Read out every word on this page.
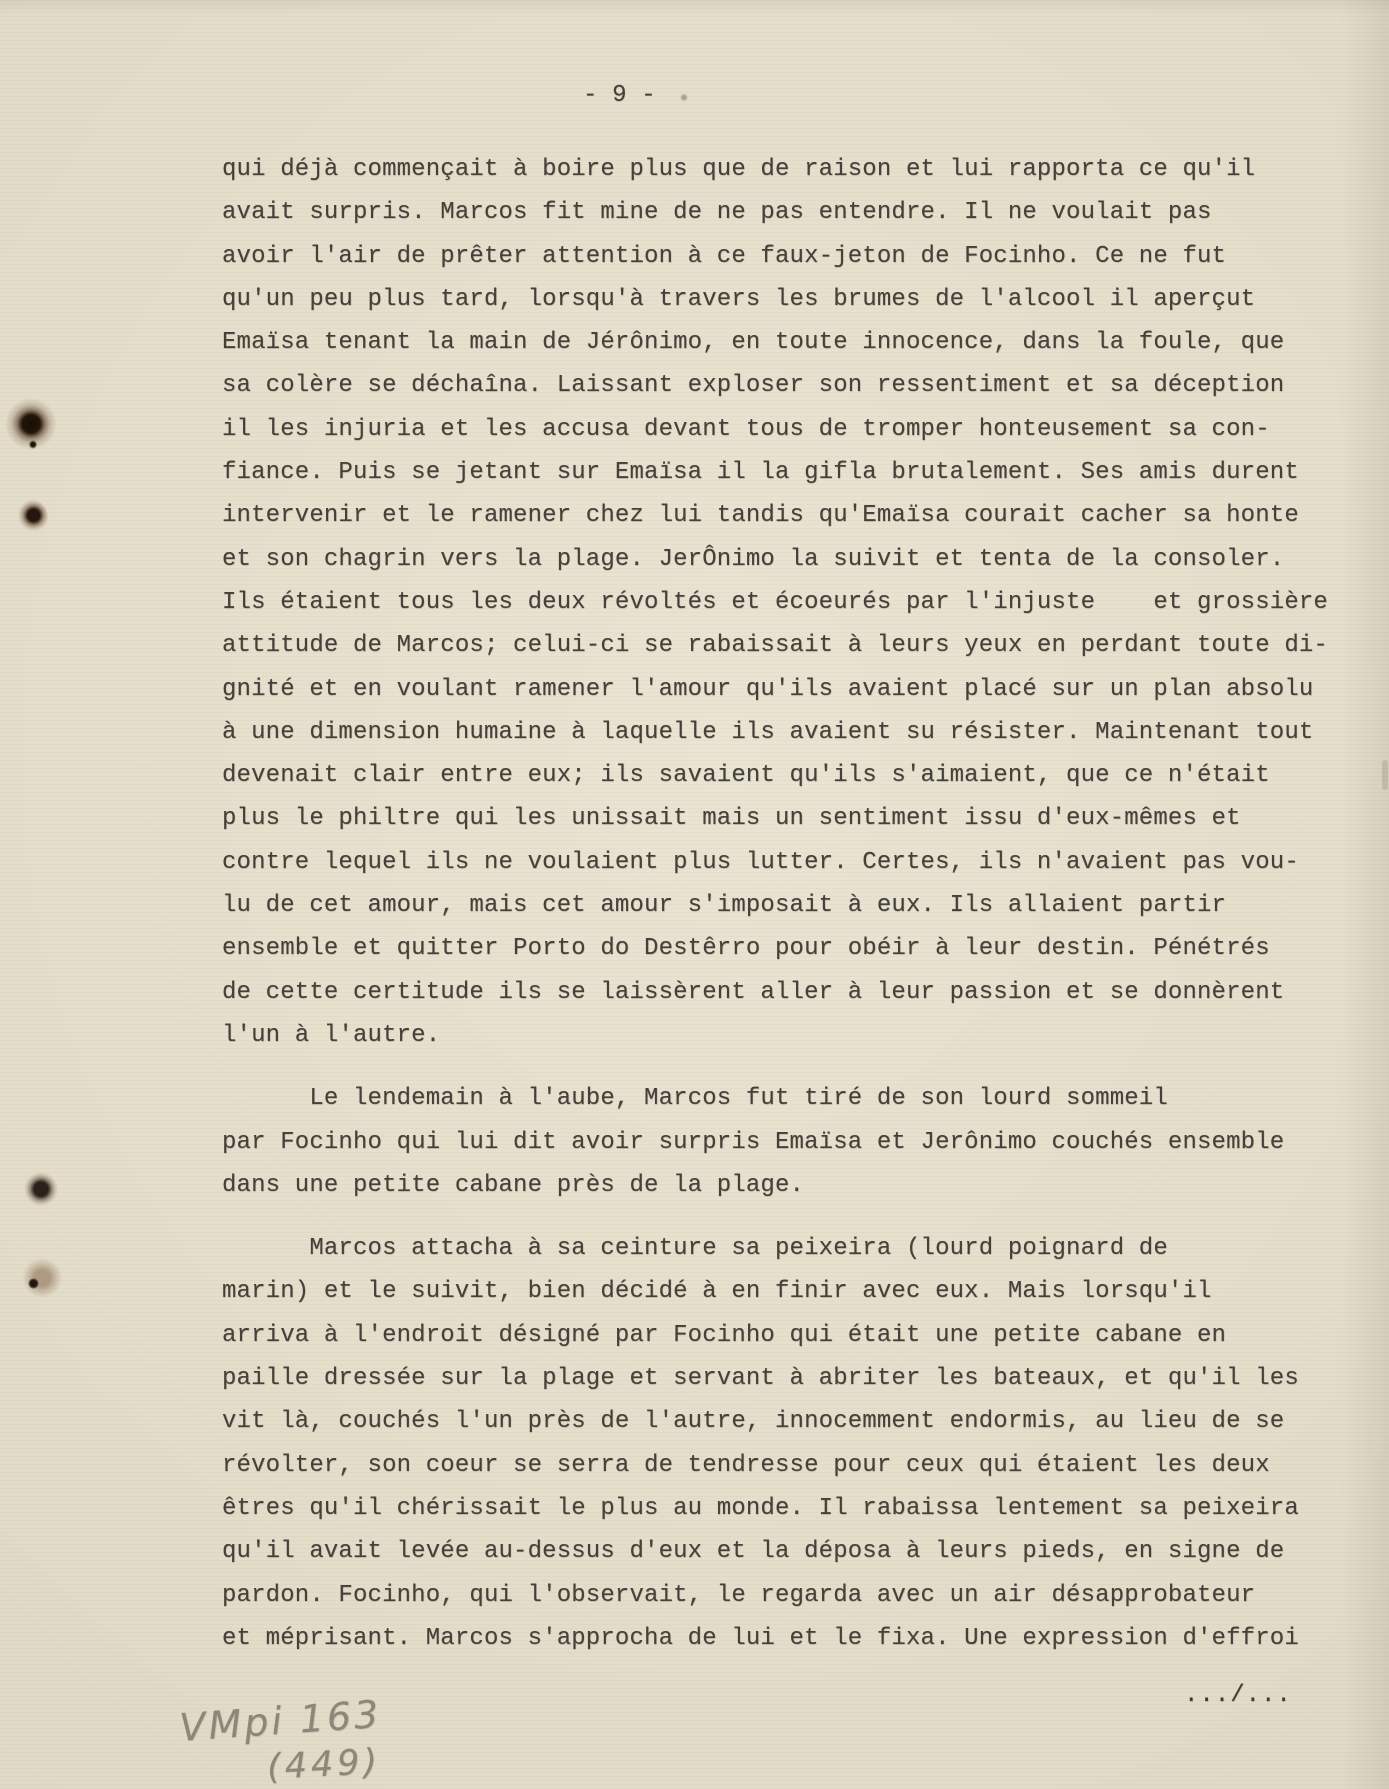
- 9 -
qui déjà commençait à boire plus que de raison et lui rapporta ce qu'il
avait surpris. Marcos fit mine de ne pas entendre. Il ne voulait pas
avoir l'air de prêter attention à ce faux-jeton de Focinho. Ce ne fut
qu'un peu plus tard, lorsqu'à travers les brumes de l'alcool il aperçut
Emaïsa tenant la main de Jérônimo, en toute innocence, dans la foule, que
sa colère se déchaîna. Laissant exploser son ressentiment et sa déception
il les injuria et les accusa devant tous de tromper honteusement sa con-
fiance. Puis se jetant sur Emaïsa il la gifla brutalement. Ses amis durent
intervenir et le ramener chez lui tandis qu'Emaïsa courait cacher sa honte
et son chagrin vers la plage. JerÔnimo la suivit et tenta de la consoler.
Ils étaient tous les deux révoltés et écoeurés par l'injuste    et grossière
attitude de Marcos; celui-ci se rabaissait à leurs yeux en perdant toute di-
gnité et en voulant ramener l'amour qu'ils avaient placé sur un plan absolu
à une dimension humaine à laquelle ils avaient su résister. Maintenant tout
devenait clair entre eux; ils savaient qu'ils s'aimaient, que ce n'était
plus le philtre qui les unissait mais un sentiment issu d'eux-mêmes et
contre lequel ils ne voulaient plus lutter. Certes, ils n'avaient pas vou-
lu de cet amour, mais cet amour s'imposait à eux. Ils allaient partir
ensemble et quitter Porto do Destêrro pour obéir à leur destin. Pénétrés
de cette certitude ils se laissèrent aller à leur passion et se donnèrent
l'un à l'autre.
Le lendemain à l'aube, Marcos fut tiré de son lourd sommeil
par Focinho qui lui dit avoir surpris Emaïsa et Jerônimo couchés ensemble
dans une petite cabane près de la plage.
Marcos attacha à sa ceinture sa peixeira (lourd poignard de
marin) et le suivit, bien décidé à en finir avec eux. Mais lorsqu'il
arriva à l'endroit désigné par Focinho qui était une petite cabane en
paille dressée sur la plage et servant à abriter les bateaux, et qu'il les
vit là, couchés l'un près de l'autre, innocemment endormis, au lieu de se
révolter, son coeur se serra de tendresse pour ceux qui étaient les deux
êtres qu'il chérissait le plus au monde. Il rabaissa lentement sa peixeira
qu'il avait levée au-dessus d'eux et la déposa à leurs pieds, en signe de
pardon. Focinho, qui l'observait, le regarda avec un air désapprobateur
et méprisant. Marcos s'approcha de lui et le fixa. Une expression d'effroi
.../...
VMpi 163
(449)
